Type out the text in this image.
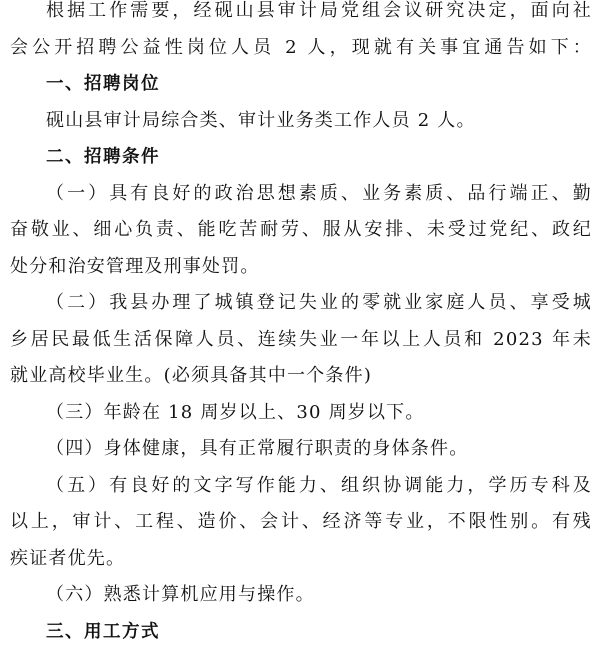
根据工作需要，经砚山县审计局党组会议研究决定，面向社
会公开招聘公益性岗位人员 2 人，现就有关事宜通告如下：
一、招聘岗位
砚山县审计局综合类、审计业务类工作人员 2 人。
二、招聘条件
（一）具有良好的政治思想素质、业务素质、品行端正、勤
奋敬业、细心负责、能吃苦耐劳、服从安排、未受过党纪、政纪
处分和治安管理及刑事处罚。
（二）我县办理了城镇登记失业的零就业家庭人员、享受城
乡居民最低生活保障人员、连续失业一年以上人员和 2023 年未
就业高校毕业生。(必须具备其中一个条件)
（三）年龄在 18 周岁以上、30 周岁以下。
（四）身体健康，具有正常履行职责的身体条件。
（五）有良好的文字写作能力、组织协调能力，学历专科及
以上，审计、工程、造价、会计、经济等专业，不限性别。有残
疾证者优先。
（六）熟悉计算机应用与操作。
三、用工方式
